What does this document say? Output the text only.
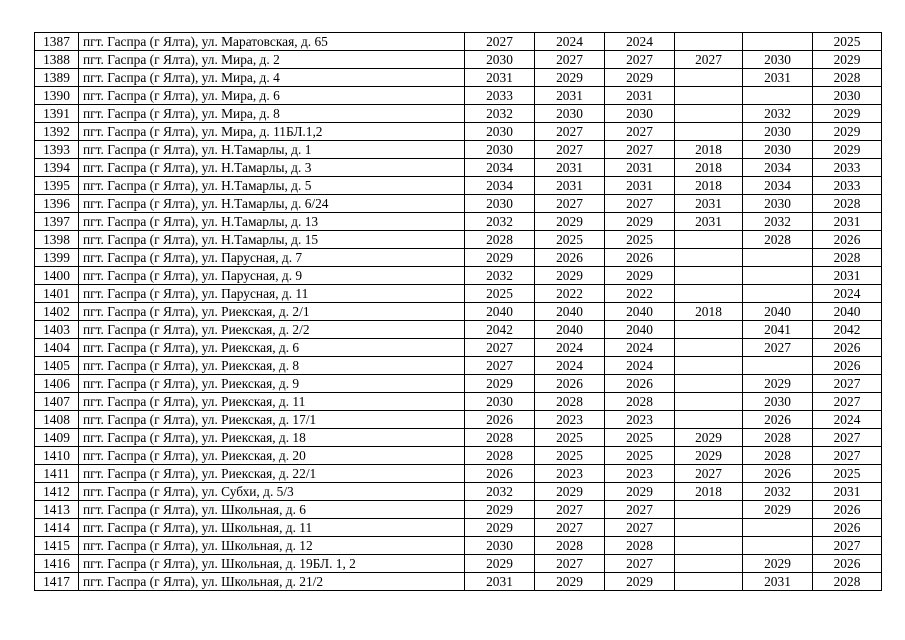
1387	пгт. Гаспра (г Ялта), ул. Маратовская, д. 65	2027	2024	2024			2025
1388	пгт. Гаспра (г Ялта), ул. Мира, д. 2	2030	2027	2027	2027	2030	2029
1389	пгт. Гаспра (г Ялта), ул. Мира, д. 4	2031	2029	2029		2031	2028
1390	пгт. Гаспра (г Ялта), ул. Мира, д. 6	2033	2031	2031			2030
1391	пгт. Гаспра (г Ялта), ул. Мира, д. 8	2032	2030	2030		2032	2029
1392	пгт. Гаспра (г Ялта), ул. Мира, д. 11БЛ.1,2	2030	2027	2027		2030	2029
1393	пгт. Гаспра (г Ялта), ул. Н.Тамарлы, д. 1	2030	2027	2027	2018	2030	2029
1394	пгт. Гаспра (г Ялта), ул. Н.Тамарлы, д. 3	2034	2031	2031	2018	2034	2033
1395	пгт. Гаспра (г Ялта), ул. Н.Тамарлы, д. 5	2034	2031	2031	2018	2034	2033
1396	пгт. Гаспра (г Ялта), ул. Н.Тамарлы, д. 6/24	2030	2027	2027	2031	2030	2028
1397	пгт. Гаспра (г Ялта), ул. Н.Тамарлы, д. 13	2032	2029	2029	2031	2032	2031
1398	пгт. Гаспра (г Ялта), ул. Н.Тамарлы, д. 15	2028	2025	2025		2028	2026
1399	пгт. Гаспра (г Ялта), ул. Парусная, д. 7	2029	2026	2026			2028
1400	пгт. Гаспра (г Ялта), ул. Парусная, д. 9	2032	2029	2029			2031
1401	пгт. Гаспра (г Ялта), ул. Парусная, д. 11	2025	2022	2022			2024
1402	пгт. Гаспра (г Ялта), ул. Риекская, д. 2/1	2040	2040	2040	2018	2040	2040
1403	пгт. Гаспра (г Ялта), ул. Риекская, д. 2/2	2042	2040	2040		2041	2042
1404	пгт. Гаспра (г Ялта), ул. Риекская, д. 6	2027	2024	2024		2027	2026
1405	пгт. Гаспра (г Ялта), ул. Риекская, д. 8	2027	2024	2024			2026
1406	пгт. Гаспра (г Ялта), ул. Риекская, д. 9	2029	2026	2026		2029	2027
1407	пгт. Гаспра (г Ялта), ул. Риекская, д. 11	2030	2028	2028		2030	2027
1408	пгт. Гаспра (г Ялта), ул. Риекская, д. 17/1	2026	2023	2023		2026	2024
1409	пгт. Гаспра (г Ялта), ул. Риекская, д. 18	2028	2025	2025	2029	2028	2027
1410	пгт. Гаспра (г Ялта), ул. Риекская, д. 20	2028	2025	2025	2029	2028	2027
1411	пгт. Гаспра (г Ялта), ул. Риекская, д. 22/1	2026	2023	2023	2027	2026	2025
1412	пгт. Гаспра (г Ялта), ул. Субхи, д. 5/3	2032	2029	2029	2018	2032	2031
1413	пгт. Гаспра (г Ялта), ул. Школьная, д. 6	2029	2027	2027		2029	2026
1414	пгт. Гаспра (г Ялта), ул. Школьная, д. 11	2029	2027	2027			2026
1415	пгт. Гаспра (г Ялта), ул. Школьная, д. 12	2030	2028	2028			2027
1416	пгт. Гаспра (г Ялта), ул. Школьная, д. 19БЛ. 1, 2	2029	2027	2027		2029	2026
1417	пгт. Гаспра (г Ялта), ул. Школьная, д. 21/2	2031	2029	2029		2031	2028
